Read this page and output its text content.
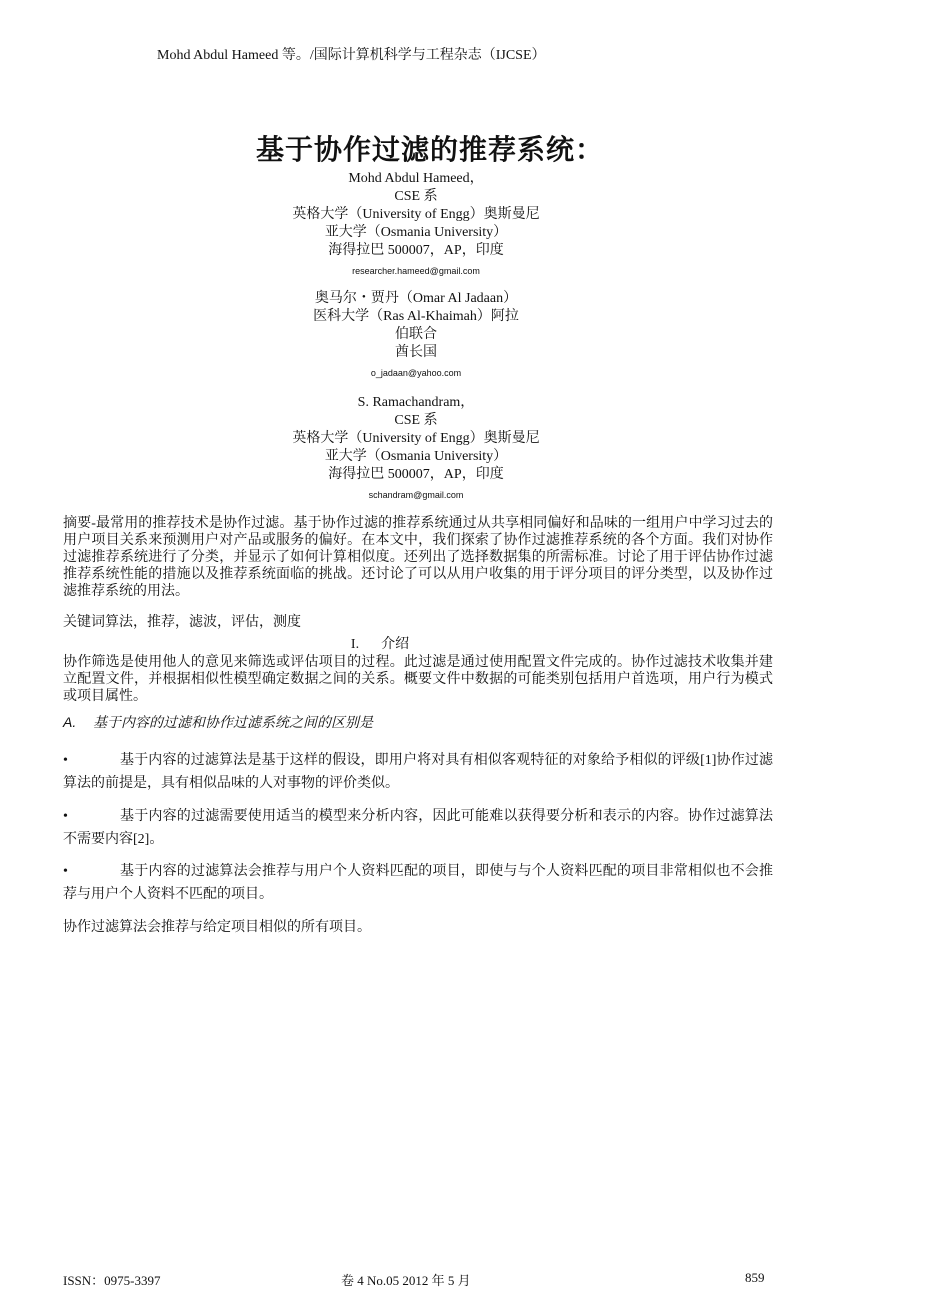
Mohd Abdul Hameed 等。/国际计算机科学与工程杂志（IJCSE）
基于协作过滤的推荐系统：
Mohd Abdul Hameed，
CSE 系
英格大学（University of Engg）奥斯曼尼
亚大学（Osmania University）
海得拉巴 500007，AP，印度
researcher.hameed@gmail.com
奥马尔・贾丹（Omar Al Jadaan）
医科大学（Ras Al-Khaimah）阿拉
伯联合
酋长国
o_jadaan@yahoo.com
S. Ramachandram，
CSE 系
英格大学（University of Engg）奥斯曼尼
亚大学（Osmania University）
海得拉巴 500007，AP，印度
schandram@gmail.com
摘要-最常用的推荐技术是协作过滤。基于协作过滤的推荐系统通过从共享相同偏好和品味的一组用户中学习过去的用户项目关系来预测用户对产品或服务的偏好。在本文中，我们探索了协作过滤推荐系统的各个方面。我们对协作过滤推荐系统进行了分类，并显示了如何计算相似度。还列出了选择数据集的所需标准。讨论了用于评估协作过滤推荐系统性能的措施以及推荐系统面临的挑战。还讨论了可以从用户收集的用于评分项目的评分类型，以及协作过滤推荐系统的用法。
关键词算法，推荐，滤波，评估，测度
I. 介绍
协作筛选是使用他人的意见来筛选或评估项目的过程。此过滤是通过使用配置文件完成的。协作过滤技术收集并建立配置文件，并根据相似性模型确定数据之间的关系。概要文件中数据的可能类别包括用户首选项，用户行为模式或项目属性。
A. 基于内容的过滤和协作过滤系统之间的区别是
•	基于内容的过滤算法是基于这样的假设，即用户将对具有相似客观特征的对象给予相似的评级[1]协作过滤算法的前提是，具有相似品味的人对事物的评价类似。
•	基于内容的过滤需要使用适当的模型来分析内容，因此可能难以获得要分析和表示的内容。协作过滤算法不需要内容[2]。
•	基于内容的过滤算法会推荐与用户个人资料匹配的项目，即使与与个人资料匹配的项目非常相似也不会推荐与用户个人资料不匹配的项目。
协作过滤算法会推荐与给定项目相似的所有项目。
ISSN：0975-3397	卷 4 No.05 2012 年 5 月	859
